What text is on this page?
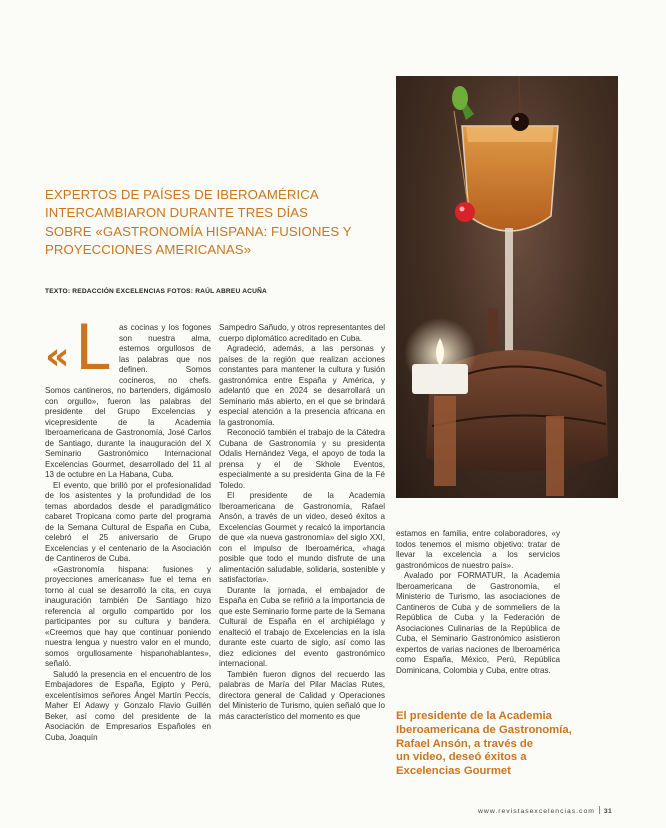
EXPERTOS DE PAÍSES DE IBEROAMÉRICA
INTERCAMBIARON DURANTE TRES DÍAS
SOBRE «GASTRONOMÍA HISPANA: FUSIONES Y
PROYECCIONES AMERICANAS»
TEXTO: REDACCIÓN EXCELENCIAS FOTOS: RAÚL ABREU ACUÑA

« L as cocinas y los fogones son nuestra alma, estemos orgullosos de las palabras que nos definen. Somos cocineros, no chefs. Somos cantineros, no bartenders, digámoslo con orgullo», fueron las palabras del presidente del Grupo Excelencias y vicepresidente de la Academia Iberoamericana de Gastronomía, José Carlos de Santiago, durante la inauguración del X Seminario Gastronómico Internacional Excelencias Gourmet, desarrollado del 11 al 13 de octubre en La Habana, Cuba.

El evento, que brilló por el profesionalidad de los asistentes y la profundidad de los temas abordados desde el paradigmático cabaret Tropicana como parte del programa de la Semana Cultural de España en Cuba, celebró el 25 aniversario de Grupo Excelencias y el centenario de la Asociación de Cantineros de Cuba.

«Gastronomía hispana: fusiones y proyecciones americanas» fue el tema en torno al cual se desarrolló la cita, en cuya inauguración también De Santiago hizo referencia al orgullo compartido por los participantes por su cultura y bandera. «Creemos que hay que continuar poniendo nuestra lengua y nuestro valor en el mundo, somos orgullosamente hispanohablantes», señaló.

Saludó la presencia en el encuentro de los Embajadores de España, Egipto y Perú, excelentísimos señores Ángel Martín Peccis, Maher El Adawy y Gonzalo Flavio Guillén Beker, así como del presidente de la Asociación de Empresarios Españoles en Cuba, Joaquín

Sampedro Sañudo, y otros representantes del cuerpo diplomático acreditado en Cuba.

Agradeció, además, a las personas y países de la región que realizan acciones constantes para mantener la cultura y fusión gastronómica entre España y América, y adelantó que en 2024 se desarrollará un Seminario más abierto, en el que se brindará especial atención a la presencia africana en la gastronomía.

Reconoció también el trabajo de la Cátedra Cubana de Gastronomía y su presidenta Odalis Hernández Vega, el apoyo de toda la prensa y el de Skhole Eventos, especialmente a su presidenta Gina de la Fé Toledo.

El presidente de la Academia Iberoamericana de Gastronomía, Rafael Ansón, a través de un video, deseó éxitos a Excelencias Gourmet y recalcó la importancia de que «la nueva gastronomía» del siglo XXI, con el impulso de Iberoamérica, «haga posible que todo el mundo disfrute de una alimentación saludable, solidaria, sostenible y satisfactoria».

Durante la jornada, el embajador de España en Cuba se refirió a la importancia de que este Seminario forme parte de la Semana Cultural de España en el archipiélago y enalteció el trabajo de Excelencias en la isla durante este cuarto de siglo, así como las diez ediciones del evento gastronómico internacional.

También fueron dignos del recuerdo las palabras de María del Pilar Macías Rutes, directora general de Calidad y Operaciones del Ministerio de Turismo, quien señaló que lo más característico del momento es que

estamos en familia, entre colaboradores, «y todos tenemos el mismo objetivo: tratar de llevar la excelencia a los servicios gastronómicos de nuestro país».

Avalado por FORMATUR, la Academia Iberoamericana de Gastronomía, el Ministerio de Turismo, las asociaciones de Cantineros de Cuba y de sommeliers de la República de Cuba y la Federación de Asociaciones Culinarias de la República de Cuba, el Seminario Gastronómico asistieron expertos de varias naciones de Iberoamérica como España, México, Perú, República Dominicana, Colombia y Cuba, entre otras.

El presidente de la Academia
Iberoamericana de Gastronomía,
Rafael Ansón, a través de
un video, deseó éxitos a
Excelencias Gourmet
www.revistasexcelencias.com 31
